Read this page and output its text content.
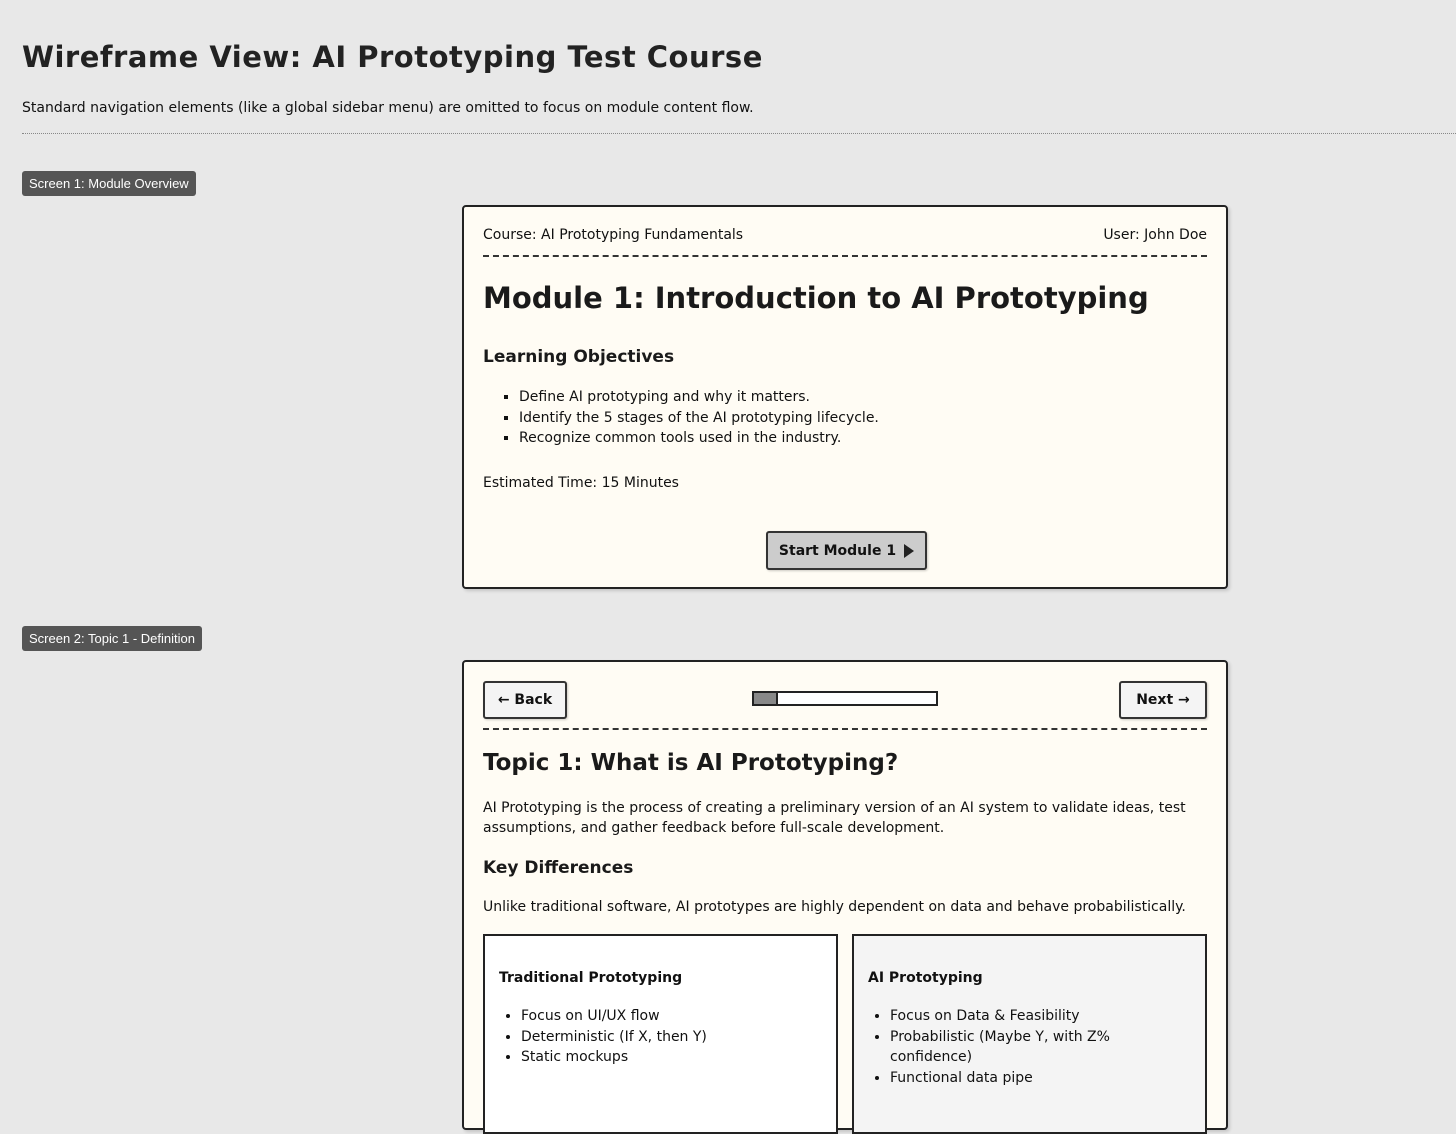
Wireframe View: AI Prototyping Test Course

Standard navigation elements (like a global sidebar menu) are omitted to focus on module content flow.

Screen 1: Module Overview
Course: AI Prototyping Fundamentals	User: John Doe
Module 1: Introduction to AI Prototyping
Learning Objectives
▪ Define AI prototyping and why it matters.
▪ Identify the 5 stages of the AI prototyping lifecycle.
▪ Recognize common tools used in the industry.
Estimated Time: 15 Minutes
Start Module 1
Screen 2: Topic 1 - Definition
← Back	Next →
Topic 1: What is AI Prototyping?

AI Prototyping is the process of creating a preliminary version of an AI system to validate ideas, test assumptions, and gather feedback before full-scale development.

Key Differences

Unlike traditional software, AI prototypes are highly dependent on data and behave probabilistically.

Traditional Prototyping
• Focus on UI/UX flow
• Deterministic (If X, then Y)
• Static mockups
AI Prototyping
• Focus on Data & Feasibility
• Probabilistic (Maybe Y, with Z% confidence)
• Functional data pipe
